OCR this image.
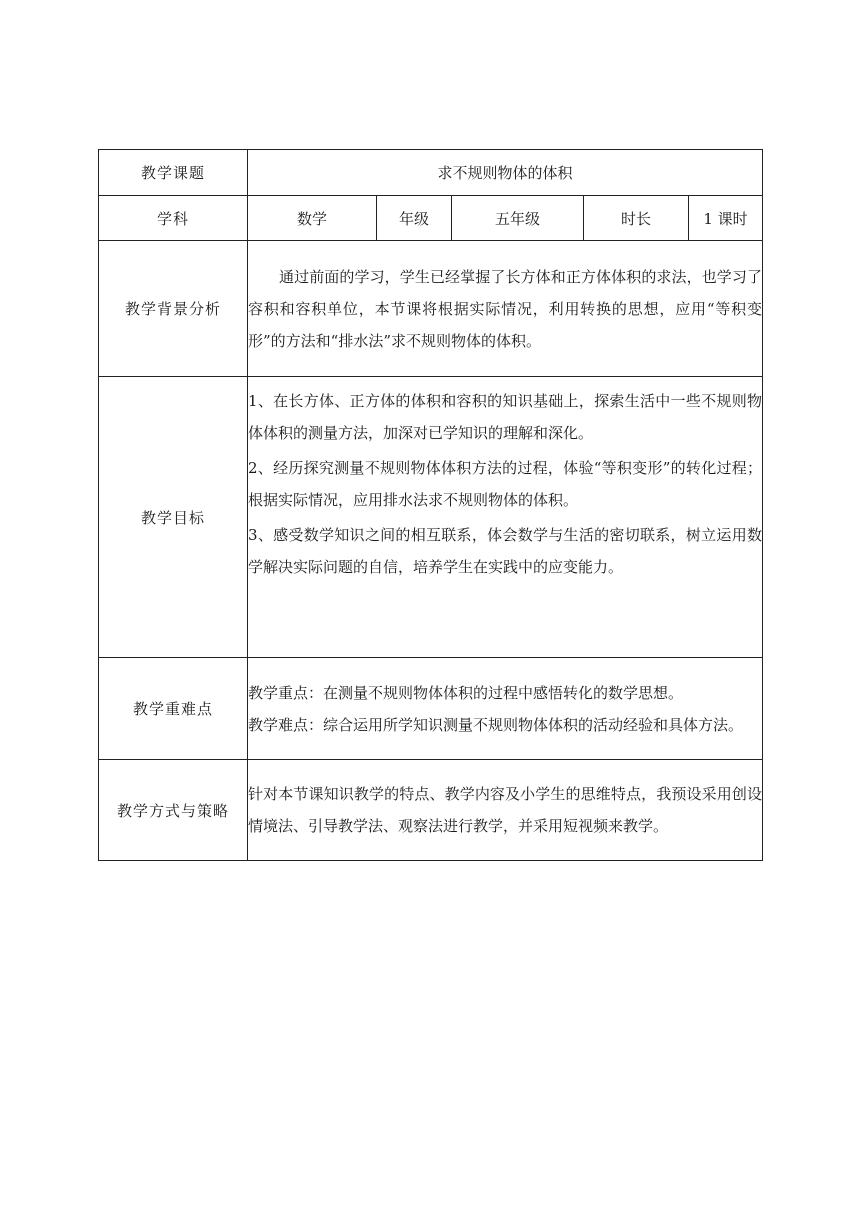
教学课题	求不规则物体的体积				
学科	数学	年级	五年级	时长	1 课时
教学背景分析	通过前面的学习，学生已经掌握了长方体和正方体体积的求法，也学习了容积和容积单位，本节课将根据实际情况，利用转换的思想，应用“等积变形”的方法和“排水法”求不规则物体的体积。				

教学目标	1、在长方体、正方体的体积和容积的知识基础上，探索生活中一些不规则物体体积的测量方法，加深对已学知识的理解和深化。

2、经历探究测量不规则物体体积方法的过程，体验“等积变形”的转化过程；根据实际情况，应用排水法求不规则物体的体积。

3、感受数学知识之间的相互联系，体会数学与生活的密切联系，树立运用数学解决实际问题的自信，培养学生在实践中的应变能力。				

教学重难点	教学重点：在测量不规则物体体积的过程中感悟转化的数学思想。

教学难点：综合运用所学知识测量不规则物体体积的活动经验和具体方法。				

教学方式与策略	针对本节课知识教学的特点、教学内容及小学生的思维特点，我预设采用创设情境法、引导教学法、观察法进行教学，并采用短视频来教学。				
